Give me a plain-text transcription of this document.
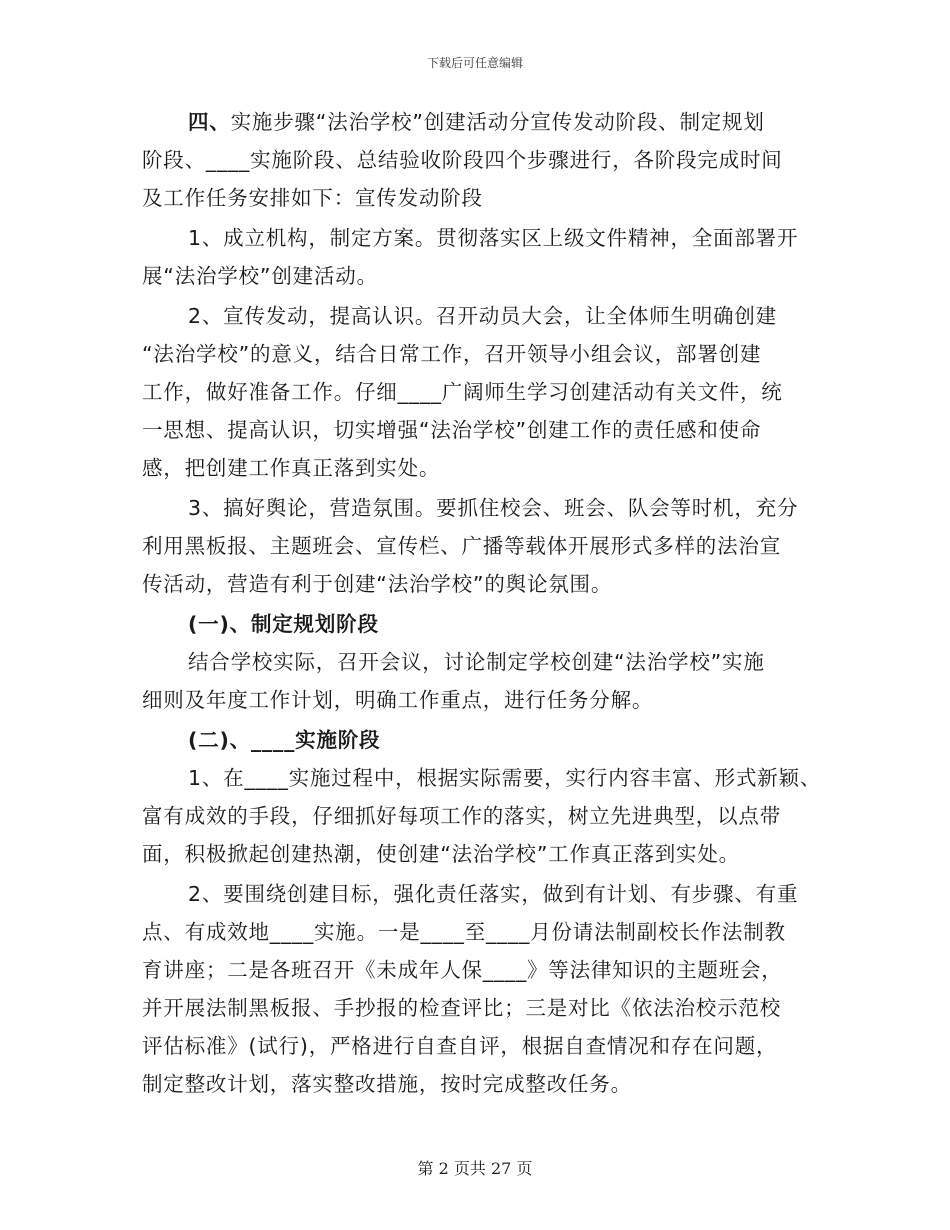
下载后可任意编辑
四、实施步骤“法治学校”创建活动分宣传发动阶段、制定规划
阶段、____实施阶段、总结验收阶段四个步骤进行，各阶段完成时间
及工作任务安排如下：宣传发动阶段
1、成立机构，制定方案。贯彻落实区上级文件精神，全面部署开
展“法治学校”创建活动。
2、宣传发动，提高认识。召开动员大会，让全体师生明确创建
“法治学校”的意义，结合日常工作，召开领导小组会议，部署创建
工作，做好准备工作。仔细____广阔师生学习创建活动有关文件，统
一思想、提高认识，切实增强“法治学校”创建工作的责任感和使命
感，把创建工作真正落到实处。
3、搞好舆论，营造氛围。要抓住校会、班会、队会等时机，充分
利用黑板报、主题班会、宣传栏、广播等载体开展形式多样的法治宣
传活动，营造有利于创建“法治学校”的舆论氛围。
(一)、制定规划阶段
结合学校实际，召开会议，讨论制定学校创建“法治学校”实施
细则及年度工作计划，明确工作重点，进行任务分解。
(二)、____实施阶段
1、在____实施过程中，根据实际需要，实行内容丰富、形式新颖、
富有成效的手段，仔细抓好每项工作的落实，树立先进典型，以点带
面，积极掀起创建热潮，使创建“法治学校”工作真正落到实处。
2、要围绕创建目标，强化责任落实，做到有计划、有步骤、有重
点、有成效地____实施。一是____至____月份请法制副校长作法制教
育讲座；二是各班召开《未成年人保____》等法律知识的主题班会，
并开展法制黑板报、手抄报的检查评比；三是对比《依法治校示范校
评估标准》(试行)，严格进行自查自评，根据自查情况和存在问题，
制定整改计划，落实整改措施，按时完成整改任务。
第 2 页共 27 页
